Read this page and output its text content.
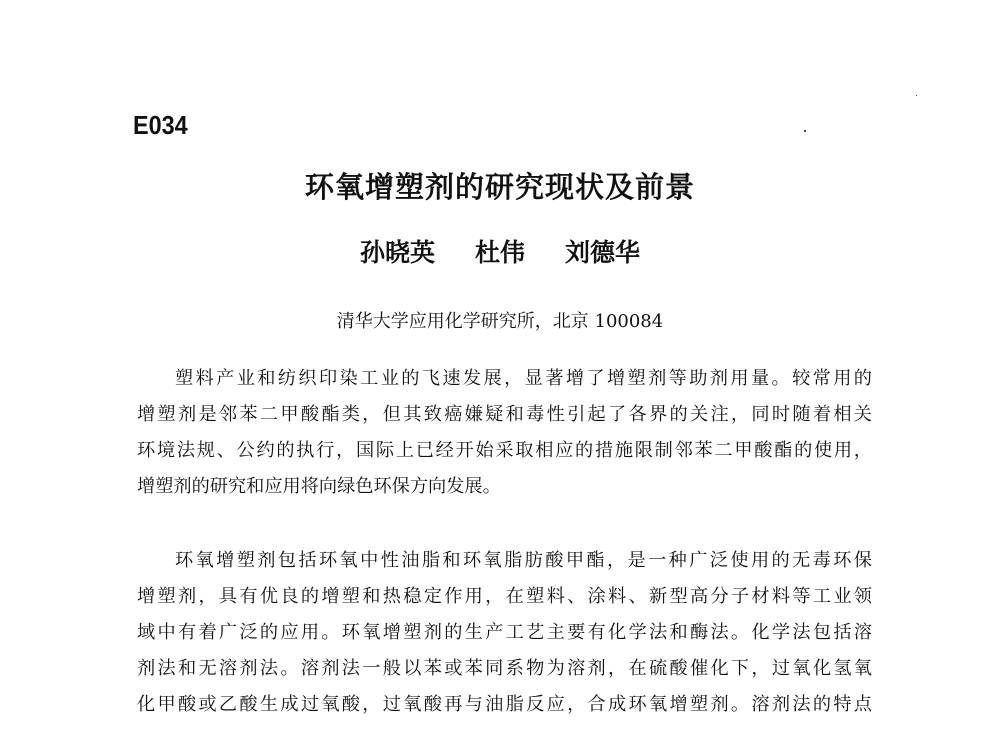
E034
环氧增塑剂的研究现状及前景
孙晓英 杜伟 刘德华
清华大学应用化学研究所，北京 100084
塑料产业和纺织印染工业的飞速发展，显著增了增塑剂等助剂用量。较常用的
增塑剂是邻苯二甲酸酯类，但其致癌嫌疑和毒性引起了各界的关注，同时随着相关
环境法规、公约的执行，国际上已经开始采取相应的措施限制邻苯二甲酸酯的使用，
增塑剂的研究和应用将向绿色环保方向发展。
环氧增塑剂包括环氧中性油脂和环氧脂肪酸甲酯，是一种广泛使用的无毒环保
增塑剂，具有优良的增塑和热稳定作用，在塑料、涂料、新型高分子材料等工业领
域中有着广泛的应用。环氧增塑剂的生产工艺主要有化学法和酶法。化学法包括溶
剂法和无溶剂法。溶剂法一般以苯或苯同系物为溶剂，在硫酸催化下，过氧化氢氧
化甲酸或乙酸生成过氧酸，过氧酸再与油脂反应，合成环氧增塑剂。溶剂法的特点
